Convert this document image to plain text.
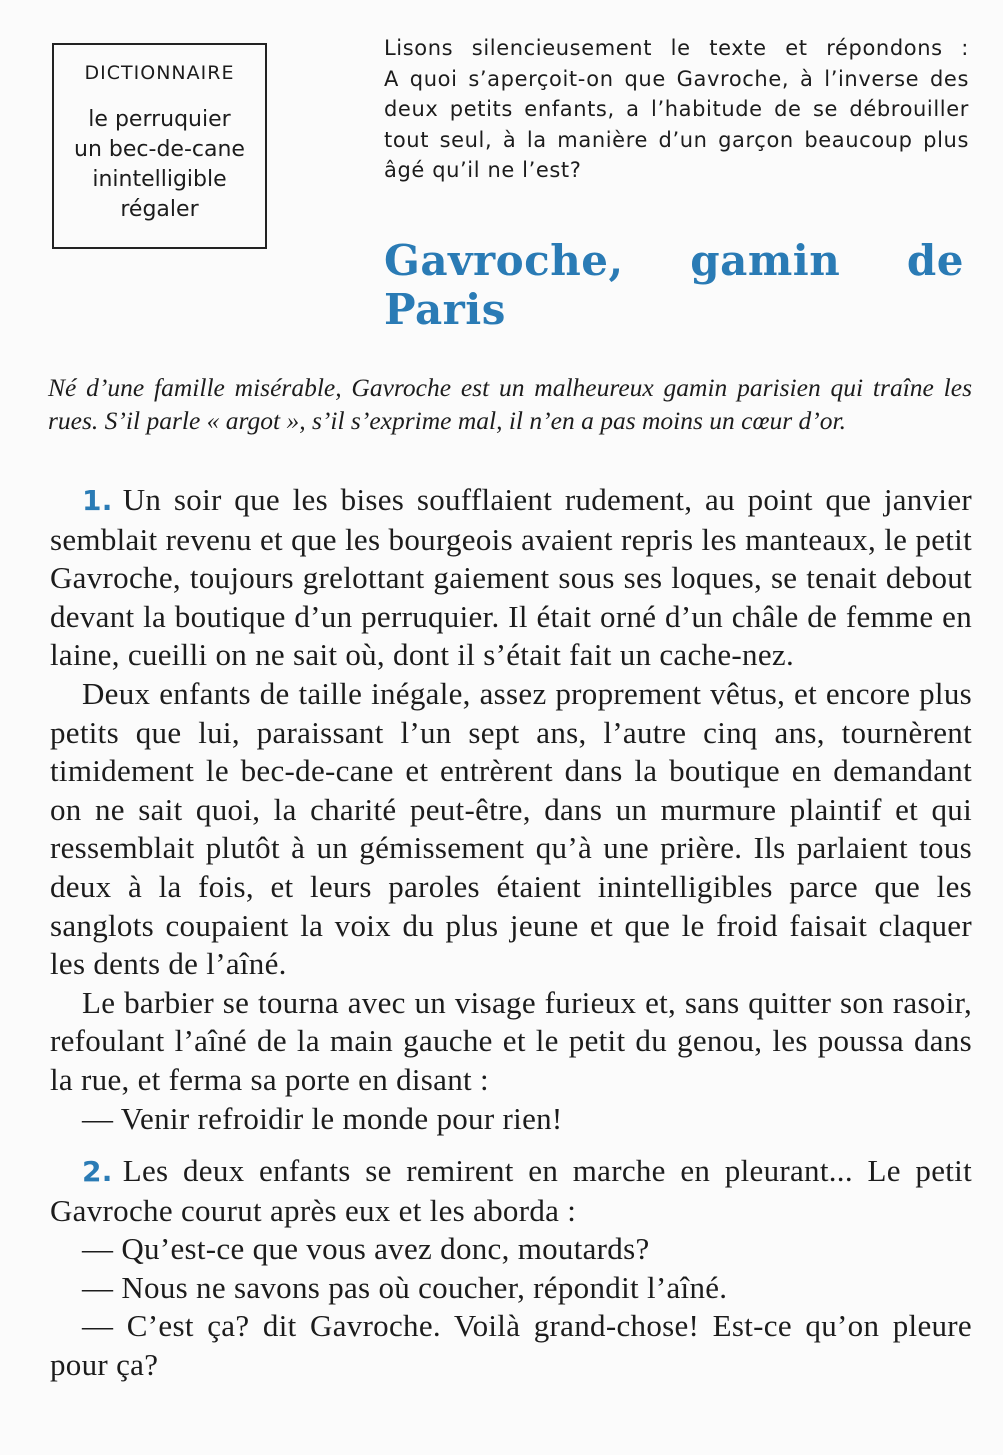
DICTIONNAIRE
le perruquier
un bec-de-cane
inintelligible
régaler

Lisons silencieusement le texte et répondons :
A quoi s’aperçoit-on que Gavroche, à l’inverse des deux petits enfants, a l’habitude de se débrouiller tout seul, à la manière d’un garçon beaucoup plus âgé qu’il ne l’est?

Gavroche, gamin de Paris

Né d’une famille misérable, Gavroche est un malheureux gamin parisien qui traîne les rues. S’il parle « argot », s’il s’exprime mal, il n’en a pas moins un cœur d’or.

1. Un soir que les bises soufflaient rudement, au point que janvier semblait revenu et que les bourgeois avaient repris les manteaux, le petit Gavroche, toujours grelottant gaiement sous ses loques, se tenait debout devant la boutique d’un perruquier. Il était orné d’un châle de femme en laine, cueilli on ne sait où, dont il s’était fait un cache-nez.

Deux enfants de taille inégale, assez proprement vêtus, et encore plus petits que lui, paraissant l’un sept ans, l’autre cinq ans, tournèrent timidement le bec-de-cane et entrèrent dans la boutique en demandant on ne sait quoi, la charité peut-être, dans un murmure plaintif et qui ressemblait plutôt à un gémissement qu’à une prière. Ils parlaient tous deux à la fois, et leurs paroles étaient inintelligibles parce que les sanglots coupaient la voix du plus jeune et que le froid faisait claquer les dents de l’aîné.

Le barbier se tourna avec un visage furieux et, sans quitter son rasoir, refoulant l’aîné de la main gauche et le petit du genou, les poussa dans la rue, et ferma sa porte en disant :

— Venir refroidir le monde pour rien!

2. Les deux enfants se remirent en marche en pleurant... Le petit Gavroche courut après eux et les aborda :

— Qu’est-ce que vous avez donc, moutards?

— Nous ne savons pas où coucher, répondit l’aîné.

— C’est ça? dit Gavroche. Voilà grand-chose! Est-ce qu’on pleure pour ça?
